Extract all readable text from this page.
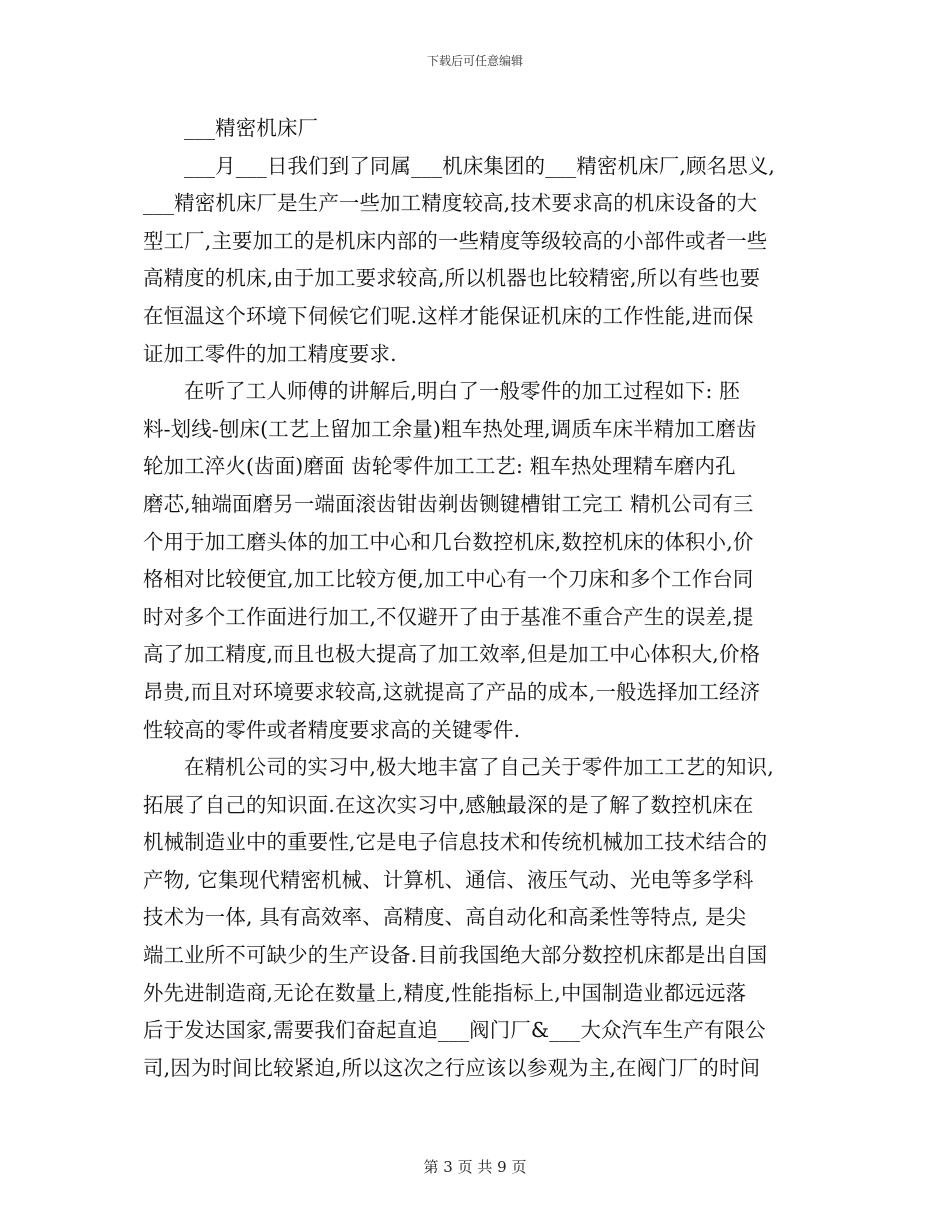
下载后可任意编辑
___精密机床厂
___月___日我们到了同属___机床集团的___精密机床厂,顾名思义,
___精密机床厂是生产一些加工精度较高,技术要求高的机床设备的大
型工厂,主要加工的是机床内部的一些精度等级较高的小部件或者一些
高精度的机床,由于加工要求较高,所以机器也比较精密,所以有些也要
在恒温这个环境下伺候它们呢.这样才能保证机床的工作性能,进而保
证加工零件的加工精度要求.
在听了工人师傅的讲解后,明白了一般零件的加工过程如下: 胚
料-划线-刨床(工艺上留加工余量)粗车热处理,调质车床半精加工磨齿
轮加工淬火(齿面)磨面 齿轮零件加工工艺: 粗车热处理精车磨内孔
磨芯,轴端面磨另一端面滚齿钳齿剃齿铡键槽钳工完工 精机公司有三
个用于加工磨头体的加工中心和几台数控机床,数控机床的体积小,价
格相对比较便宜,加工比较方便,加工中心有一个刀床和多个工作台同
时对多个工作面进行加工,不仅避开了由于基准不重合产生的误差,提
高了加工精度,而且也极大提高了加工效率,但是加工中心体积大,价格
昂贵,而且对环境要求较高,这就提高了产品的成本,一般选择加工经济
性较高的零件或者精度要求高的关键零件.
在精机公司的实习中,极大地丰富了自己关于零件加工工艺的知识,
拓展了自己的知识面.在这次实习中,感触最深的是了解了数控机床在
机械制造业中的重要性,它是电子信息技术和传统机械加工技术结合的
产物, 它集现代精密机械、计算机、通信、液压气动、光电等多学科
技术为一体, 具有高效率、高精度、高自动化和高柔性等特点, 是尖
端工业所不可缺少的生产设备.目前我国绝大部分数控机床都是出自国
外先进制造商,无论在数量上,精度,性能指标上,中国制造业都远远落
后于发达国家,需要我们奋起直追___阀门厂&___大众汽车生产有限公
司,因为时间比较紧迫,所以这次之行应该以参观为主,在阀门厂的时间
第 3 页 共 9 页
